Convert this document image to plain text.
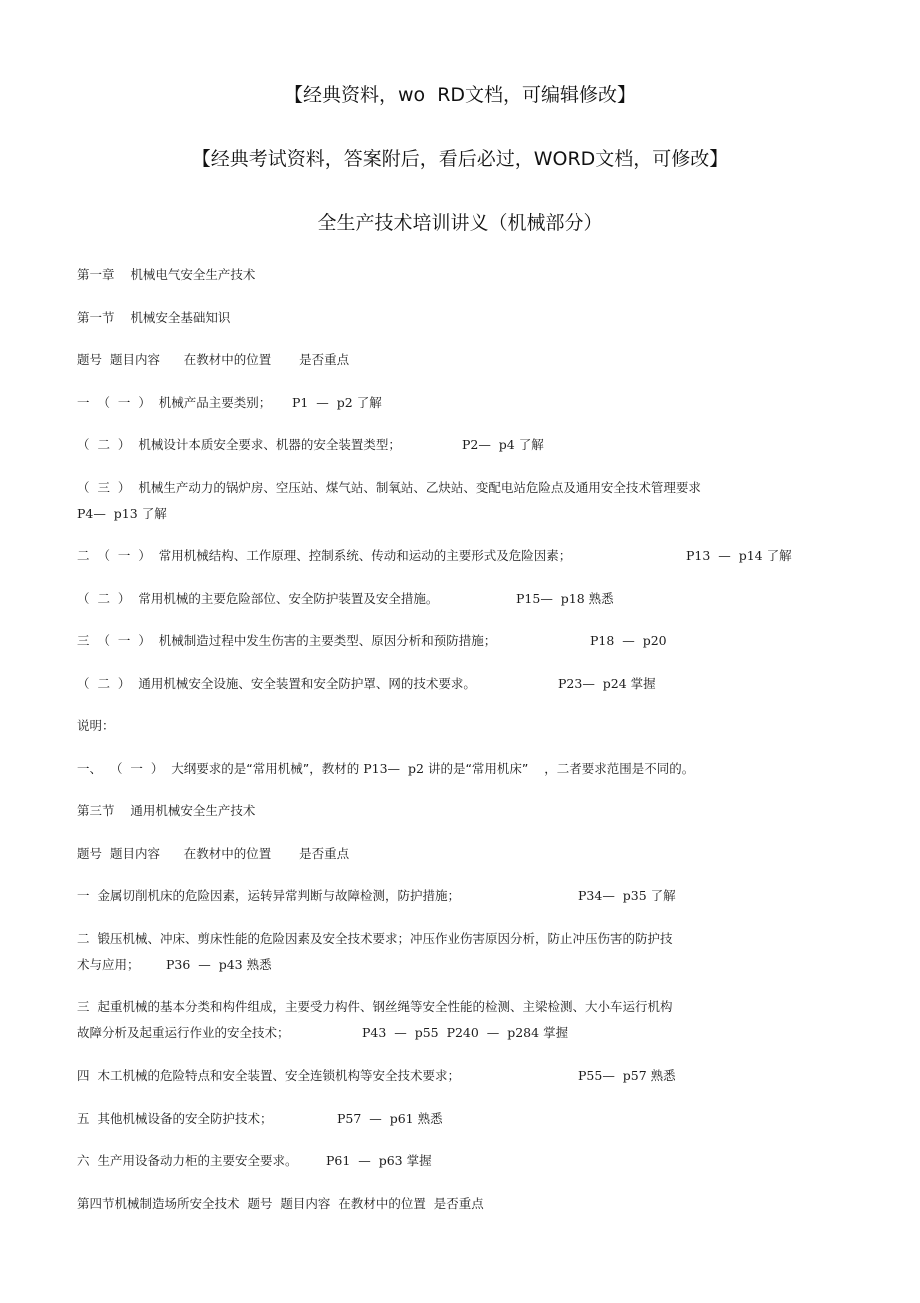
【经典资料，wo  RD文档，可编辑修改】
【经典考试资料，答案附后，看后必过，WORD文档，可修改】
全生产技术培训讲义（机械部分）
第一章    机械电气安全生产技术
第一节    机械安全基础知识
题号  题目内容      在教材中的位置       是否重点
一  （  一  ）  机械产品主要类别； P1  —  p2 了解
（  二  ）  机械设计本质安全要求、机器的安全装置类型；	P2—  p4 了解
（  三  ）  机械生产动力的锅炉房、空压站、煤气站、制氧站、乙炔站、变配电站危险点及通用安全技术管理要求
P4—  p13 了解
二  （  一  ）  常用机械结构、工作原理、控制系统、传动和运动的主要形式及危险因素；	P13  —  p14 了解
（  二  ）  常用机械的主要危险部位、安全防护装置及安全措施。	P15—  p18 熟悉
三  （  一  ）  机械制造过程中发生伤害的主要类型、原因分析和预防措施；	P18  —  p20
（  二  ）  通用机械安全设施、安全装置和安全防护罩、网的技术要求。	P23—  p24 掌握
说明：
一、  （  一  ）  大纲要求的是“常用机械”，教材的 P13—  p2 讲的是“常用机床”    ，二者要求范围是不同的。
第三节    通用机械安全生产技术
题号  题目内容      在教材中的位置       是否重点
一  金属切削机床的危险因素，运转异常判断与故障检测，防护措施；	P34—  p35 了解
二  锻压机械、冲床、剪床性能的危险因素及安全技术要求；冲压作业伤害原因分析，防止冲压伤害的防护技
术与应用； P36  —  p43 熟悉
三  起重机械的基本分类和构件组成，主要受力构件、钢丝绳等安全性能的检测、主梁检测、大小车运行机构
故障分析及起重运行作业的安全技术；	P43  —  p55  P240  —  p284 掌握
四  木工机械的危险特点和安全装置、安全连锁机构等安全技术要求；	P55—  p57 熟悉
五  其他机械设备的安全防护技术；	P57  —  p61 熟悉
六  生产用设备动力柜的主要安全要求。 P61  —  p63 掌握
第四节机械制造场所安全技术  题号  题目内容  在教材中的位置  是否重点
